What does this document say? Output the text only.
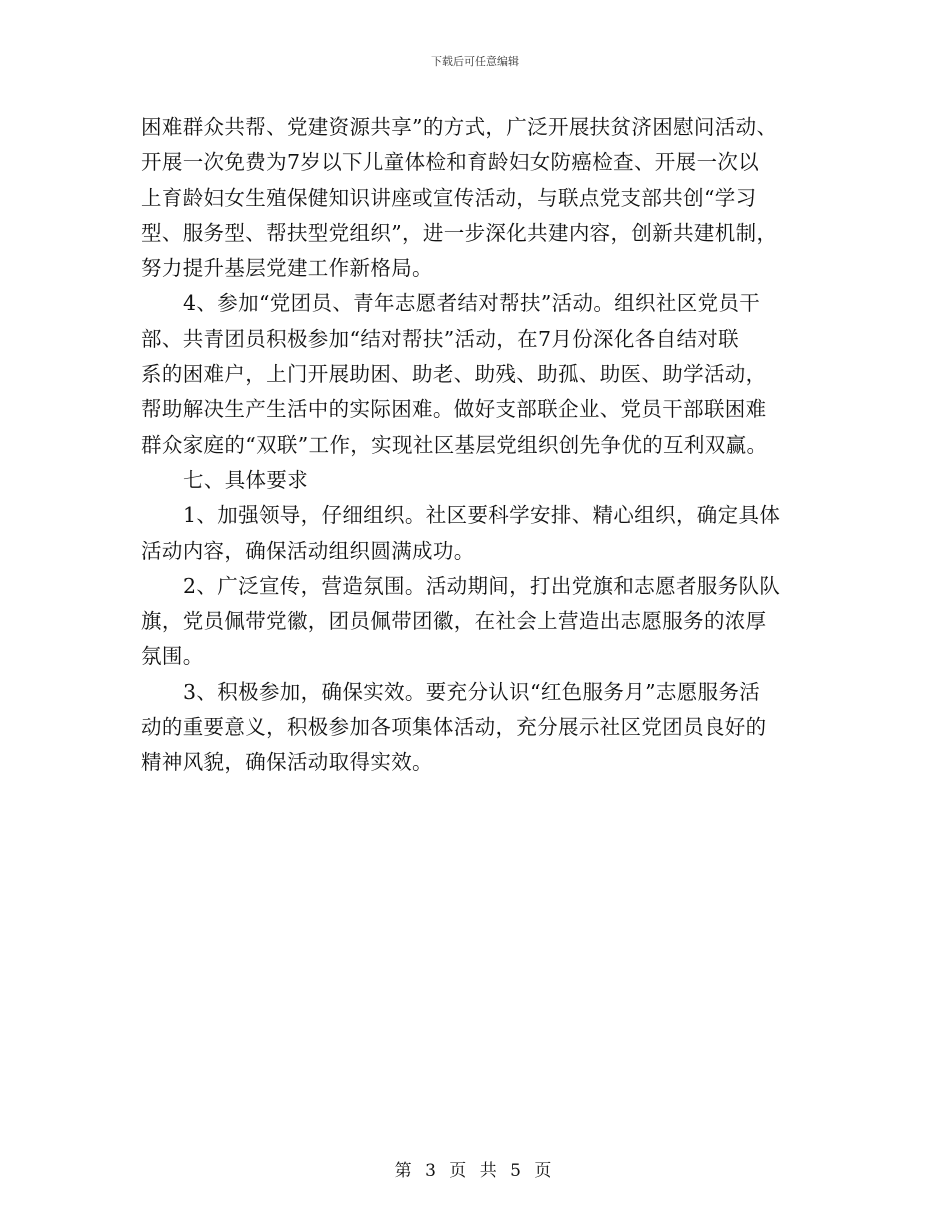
下载后可任意编辑
困难群众共帮、党建资源共享”的方式，广泛开展扶贫济困慰问活动、
开展一次免费为7岁以下儿童体检和育龄妇女防癌检查、开展一次以
上育龄妇女生殖保健知识讲座或宣传活动，与联点党支部共创“学习
型、服务型、帮扶型党组织”，进一步深化共建内容，创新共建机制，
努力提升基层党建工作新格局。
4、参加“党团员、青年志愿者结对帮扶”活动。组织社区党员干
部、共青团员积极参加“结对帮扶”活动，在7月份深化各自结对联
系的困难户，上门开展助困、助老、助残、助孤、助医、助学活动，
帮助解决生产生活中的实际困难。做好支部联企业、党员干部联困难
群众家庭的“双联”工作，实现社区基层党组织创先争优的互利双赢。
七、具体要求
1、加强领导，仔细组织。社区要科学安排、精心组织，确定具体
活动内容，确保活动组织圆满成功。
2、广泛宣传，营造氛围。活动期间，打出党旗和志愿者服务队队
旗，党员佩带党徽，团员佩带团徽，在社会上营造出志愿服务的浓厚
氛围。
3、积极参加，确保实效。要充分认识“红色服务月”志愿服务活
动的重要意义，积极参加各项集体活动，充分展示社区党团员良好的
精神风貌，确保活动取得实效。
第 3 页 共 5 页
